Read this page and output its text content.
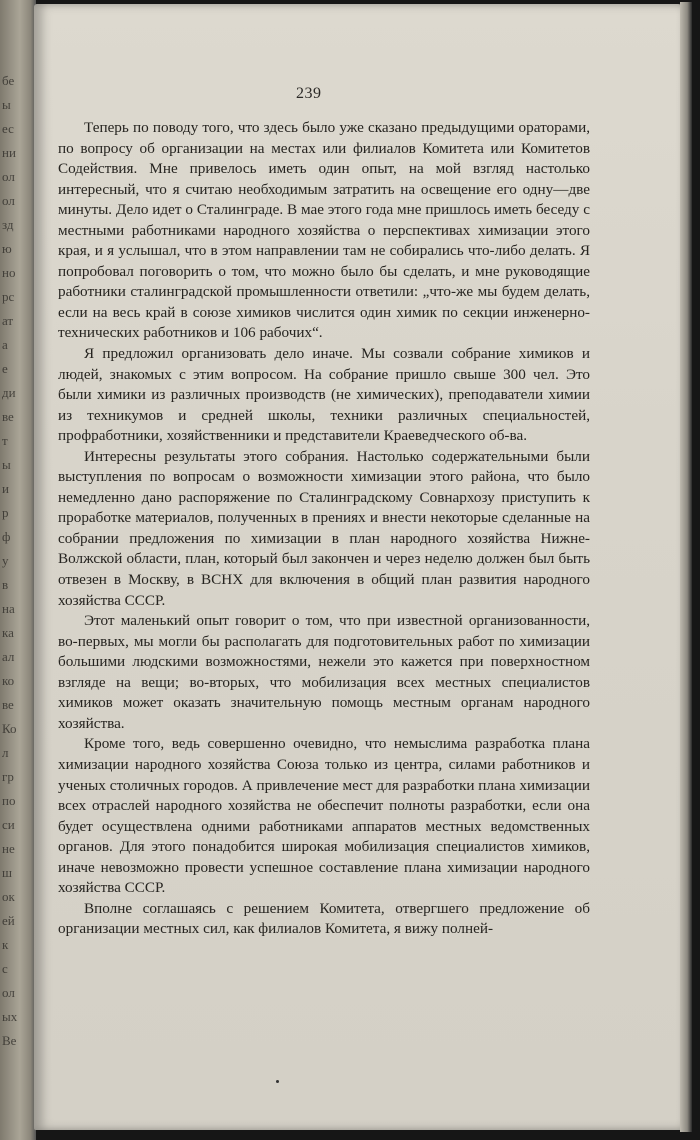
бе
ы
ес
ни
ол
ол
зд
ю
но
рс
ат
а
е
ди
ве
т
ы
и
р
ф
у
в
на
ка
ал
ко
ве
Ко
л
гр
по
си
не
ш
ок
ей
к
с
ол
ых
Ве
239

Теперь по поводу того, что здесь было уже сказано предыдущими ораторами, по вопросу об организации на местах или филиалов Комитета или Комитетов Содействия. Мне привелось иметь один опыт, на мой взгляд настолько интересный, что я считаю необходимым затратить на освещение его одну—две минуты. Дело идет о Сталинграде. В мае этого года мне пришлось иметь беседу с местными работниками народного хозяйства о перспективах химизации этого края, и я услышал, что в этом направлении там не собирались что-либо делать. Я попробовал поговорить о том, что можно было бы сделать, и мне руководящие работники сталинградской промышленности ответили: „что-же мы будем делать, если на весь край в союзе химиков числится один химик по секции инженерно-технических работников и 106 рабочих“.

Я предложил организовать дело иначе. Мы созвали собрание химиков и людей, знакомых с этим вопросом. На собрание пришло свыше 300 чел. Это были химики из различных производств (не химических), преподаватели химии из техникумов и средней школы, техники различных специальностей, профработники, хозяйственники и представители Краеведческого об-ва.

Интересны результаты этого собрания. Настолько содержательными были выступления по вопросам о возможности химизации этого района, что было немедленно дано распоряжение по Сталинградскому Совнархозу приступить к проработке материалов, полученных в прениях и внести некоторые сделанные на собрании предложения по химизации в план народного хозяйства Нижне-Волжской области, план, который был закончен и через неделю должен был быть отвезен в Москву, в ВСНХ для включения в общий план развития народного хозяйства СССР.

Этот маленький опыт говорит о том, что при известной организованности, во-первых, мы могли бы располагать для подготовительных работ по химизации большими людскими возможностями, нежели это кажется при поверхностном взгляде на вещи; во-вторых, что мобилизация всех местных специалистов химиков может оказать значительную помощь местным органам народного хозяйства.

Кроме того, ведь совершенно очевидно, что немыслима разработка плана химизации народного хозяйства Союза только из центра, силами работников и ученых столичных городов. А привлечение мест для разработки плана химизации всех отраслей народного хозяйства не обеспечит полноты разработки, если она будет осуществлена одними работниками аппаратов местных ведомственных органов. Для этого понадобится широкая мобилизация специалистов химиков, иначе невозможно провести успешное составление плана химизации народного хозяйства СССР.

Вполне соглашаясь с решением Комитета, отвергшего предложение об организации местных сил, как филиалов Комитета, я вижу полней-
